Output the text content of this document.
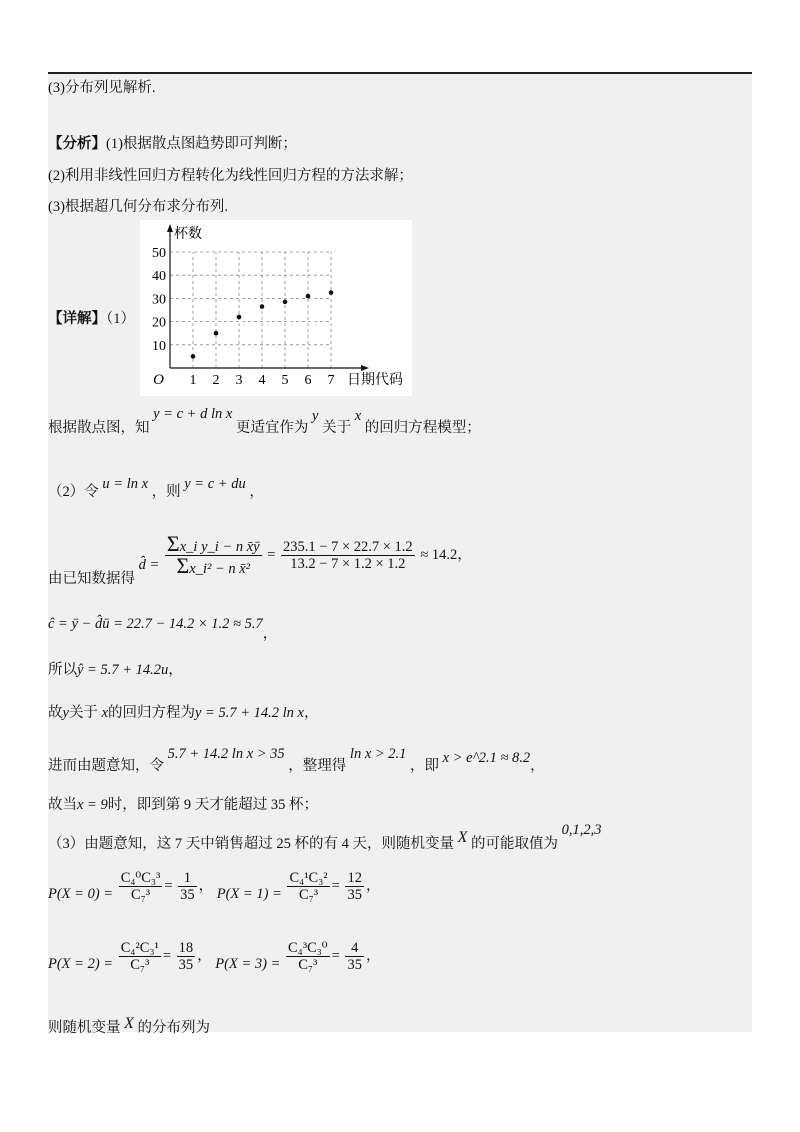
(3)分布列见解析.
【分析】(1)根据散点图趋势即可判断；
(2)利用非线性回归方程转化为线性回归方程的方法求解；
(3)根据超几何分布求分布列.
【详解】（1）
1 2 3 4 5 6 7
10
20
30
40
50
O
杯数
日期代码
根据散点图，知 y = c + d ln x 更适宜作为 y 关于 x 的回归方程模型；
（2）令 u = ln x ，则 y = c + du ，
由已知数据得 d̂ = $\frac{\text{Σx\_i y\_i − n x̄ȳ}}{\text{Σx\_i² − n x̄²}} = \frac{235.1 - 7 \times 22.7 \times 1.2}{13.2 - 7 \times 1.2 \times 1.2} \approx 14.2$，
ĉ = ȳ − d̂ū = 22.7 − 14.2 × 1.2 ≈ 5.7，
所以ŷ = 5.7 + 14.2u，
故y关于 x的回归方程为y = 5.7 + 14.2 ln x，
进而由题意知，令 5.7 + 14.2 ln x > 35 ，整理得 ln x > 2.1 ，即 x > e^2.1 ≈ 8.2，
故当x = 9时，即到第 9 天才能超过 35 杯；
（3）由题意知，这 7 天中销售超过 25 杯的有 4 天，则随机变量 X 的可能取值为 0,1,2,3
$P(X = 0) = \frac{\text{C₄⁰C₃³}}{\text{C₇³}} = \frac{1}{35}$ ， $P(X = 1) = \frac{\text{C₄¹C₃²}}{\text{C₇³}} = \frac{12}{35}$ ，
$P(X = 2) = \frac{\text{C₄²C₃¹}}{\text{C₇³}} = \frac{18}{35}$ ， $P(X = 3) = \frac{\text{C₄³C₃⁰}}{\text{C₇³}} = \frac{4}{35}$ ，
则随机变量 X 的分布列为
